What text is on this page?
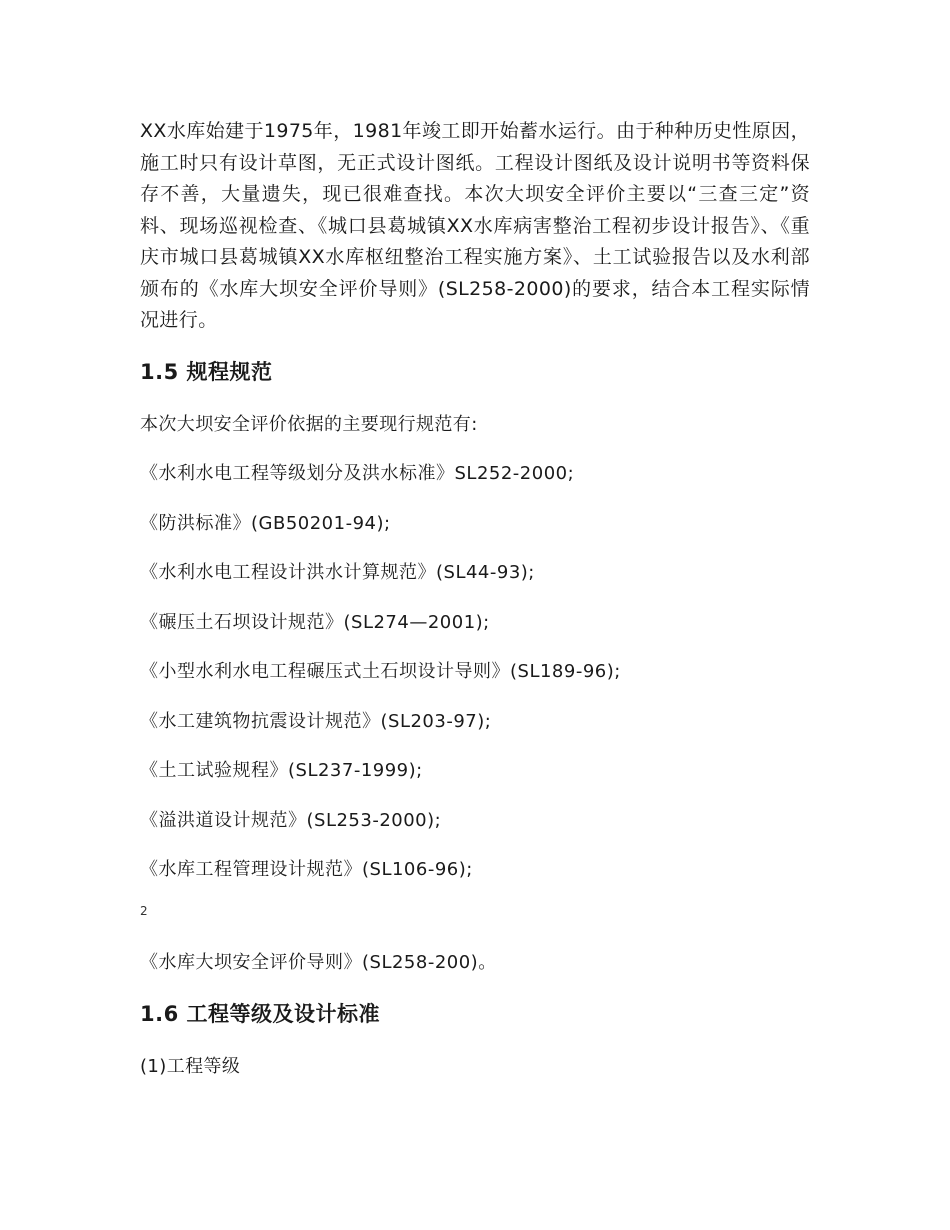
XX水库始建于1975年，1981年竣工即开始蓄水运行。由于种种历史性原因，施工时只有设计草图，无正式设计图纸。工程设计图纸及设计说明书等资料保存不善，大量遗失，现已很难查找。本次大坝安全评价主要以“三查三定”资料、现场巡视检查、《城口县葛城镇XX水库病害整治工程初步设计报告》、《重庆市城口县葛城镇XX水库枢纽整治工程实施方案》、土工试验报告以及水利部颁布的《水库大坝安全评价导则》(SL258-2000)的要求，结合本工程实际情况进行。

1.5 规程规范
本次大坝安全评价依据的主要现行规范有:
《水利水电工程等级划分及洪水标准》SL252-2000;
《防洪标准》(GB50201-94);
《水利水电工程设计洪水计算规范》(SL44-93);
《碾压土石坝设计规范》(SL274—2001);
《小型水利水电工程碾压式土石坝设计导则》(SL189-96);
《水工建筑物抗震设计规范》(SL203-97);
《土工试验规程》(SL237-1999);
《溢洪道设计规范》(SL253-2000);
《水库工程管理设计规范》(SL106-96);
2
《水库大坝安全评价导则》(SL258-200)。
1.6 工程等级及设计标准
(1)工程等级
